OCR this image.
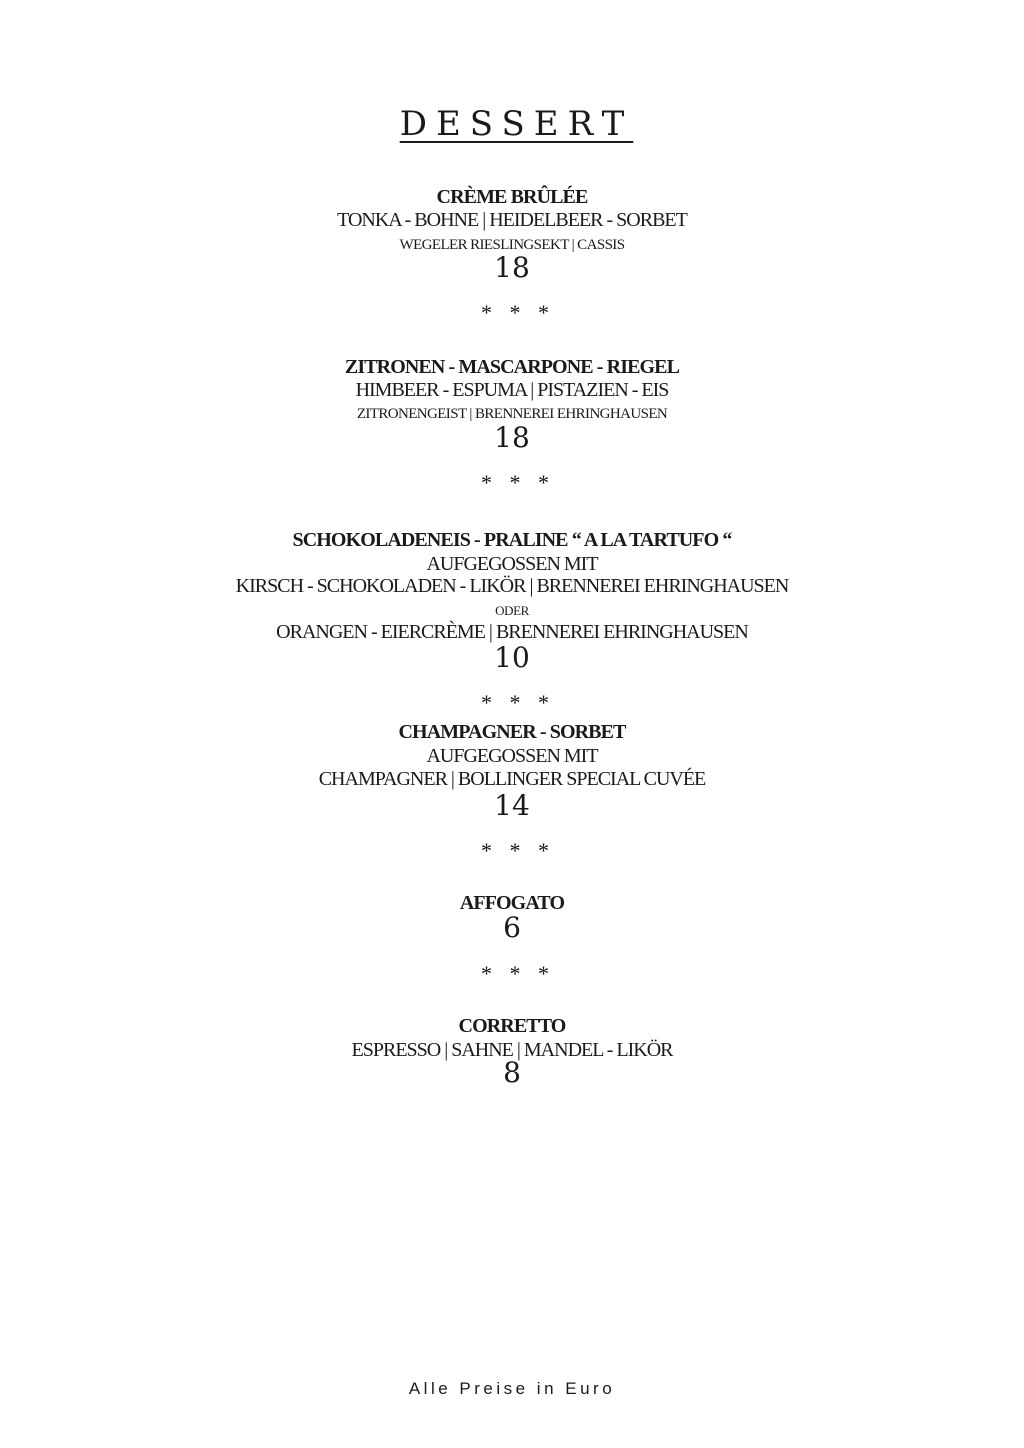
DESSERT
CRÈME BRÛLÉE
TONKA - BOHNE | HEIDELBEER - SORBET
WEGELER RIESLINGSEKT | CASSIS
18
* * *
ZITRONEN - MASCARPONE - RIEGEL
HIMBEER - ESPUMA | PISTAZIEN - EIS
ZITRONENGEIST | BRENNEREI EHRINGHAUSEN
18
* * *
SCHOKOLADENEIS - PRALINE “ A LA TARTUFO “
AUFGEGOSSEN MIT
KIRSCH - SCHOKOLADEN - LIKÖR | BRENNEREI EHRINGHAUSEN
ODER
ORANGEN - EIERCRÈME | BRENNEREI EHRINGHAUSEN
10
* * *
CHAMPAGNER - SORBET
AUFGEGOSSEN MIT
CHAMPAGNER | BOLLINGER SPECIAL CUVÉE
14
* * *
AFFOGATO
6
* * *
CORRETTO
ESPRESSO | SAHNE | MANDEL - LIKÖR
8
Alle Preise in Euro
